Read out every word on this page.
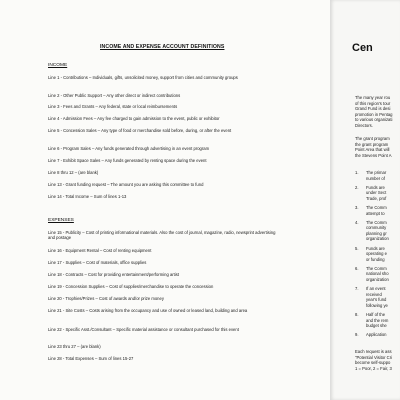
INCOME AND EXPENSE ACCOUNT DEFINITIONS
INCOME
Line 1 - Contributions – Individuals, gifts, unsolicited money, support from cities and community groups
Line 2 - Other Public Support – Any other direct or indirect contributions
Line 3 - Fees and Grants – Any federal, state or local reimbursements
Line 4 - Admission Fees – Any fee charged to gain admission to the event, public or exhibitor
Line 5 - Concession Sales – Any type of food or merchandise sold before, during, or after the event
Line 6 - Program Sales – Any funds generated through advertising in an event program
Line 7 - Exhibit Space Sales – Any funds generated by renting space during the event
Line 8 thru 12 – (are blank)
Line 13 - Grant funding request – The amount you are asking this committee to fund
Line 14 - Total Income – Sum of lines 1-13
EXPENSES
Line 15 - Publicity – Cost of printing informational materials. Also the cost of journal, magazine, radio, newsprint advertising and postage
Line 16 - Equipment Rental – Cost of renting equipment
Line 17 - Supplies – Cost of materials, office supplies
Line 18 - Contracts – Cost for providing entertainment/performing artist
Line 19 - Concession Supplies – Cost of supplies/merchandise to operate the concession
Line 20 - Trophies/Prizes – Cost of awards and/or prize money
Line 21 - Site Costs – Costs arising from the occupancy and use of owned or leased land, building and area
Line 22 - Specific Asst./Consultant – Specific material assistance or consultant purchased for this event
Line 23 thru 27 – (are blank)
Line 28 - Total Expenses – Sum of lines 15-27
Cen
The many year rou
of this region's tour
Grand Fund is desi
promotion in Pentag
to various organizati
Directors.
The grant program
the grant program
Point Area that will
the Stevens Point A
1. The primar
number of
2. Funds are
under Sect
Trade, prof
3. The Comm
attempt to
4. The Comm
community
planning gr
organization
5. Funds are
operating e
or funding
6. The Comm
national sho
organization
7. If an event
received
year's fund
following ye
8. Half of the
and the rem
budget she
9. Application
Each request is ass
"Potential Visitor Cri
become self-suppo
1 = Poor, 2 = Fair, 3
